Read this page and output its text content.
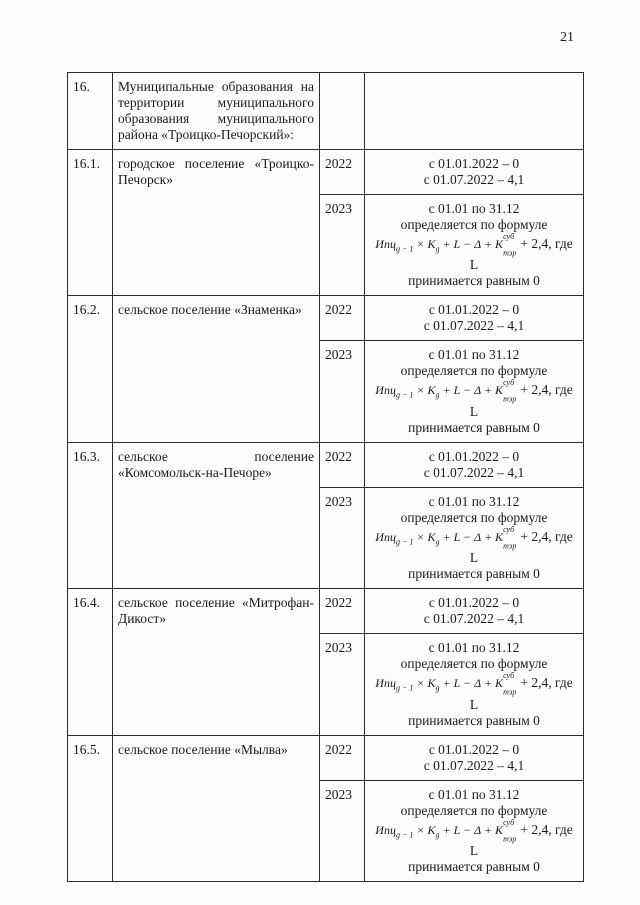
21
16.	Муниципальные образования на территории муниципального образования муниципального района «Троицко-Печорский»:		
16.1.	городское поселение «Троицко-Печорск»	2022	с 01.01.2022 – 0
с 01.07.2022 – 4,1

		2023	с 01.01 по 31.12
определяется по формуле
$Ипц_{g - 1} \times K_g + L - \Delta + K^{суб}$
$_{тэр}$+ 2,4, где L
принимается равным 0

16.2.	сельское поселение «Знаменка»	2022	с 01.01.2022 – 0
с 01.07.2022 – 4,1

		2023	с 01.01 по 31.12
определяется по формуле
$Ипц_{g - 1} \times K_g + L - \Delta + K^{суб}$
$_{тэр}$+ 2,4, где L
принимается равным 0

16.3.	сельское поселение «Комсомольск-на-Печоре»	2022	с 01.01.2022 – 0
с 01.07.2022 – 4,1

		2023	с 01.01 по 31.12
определяется по формуле
$Ипц_{g - 1} \times K_g + L - \Delta + K^{суб}$
$_{тэр}$+ 2,4, где L
принимается равным 0

16.4.	сельское поселение «Митрофан-Дикост»	2022	с 01.01.2022 – 0
с 01.07.2022 – 4,1

		2023	с 01.01 по 31.12
определяется по формуле
$Ипц_{g - 1} \times K_g + L - \Delta + K^{суб}$
$_{тэр}$+ 2,4, где L
принимается равным 0

16.5.	сельское поселение «Мылва»	2022	с 01.01.2022 – 0
с 01.07.2022 – 4,1

		2023	с 01.01 по 31.12
определяется по формуле
$Ипц_{g - 1} \times K_g + L - \Delta + K^{суб}$
$_{тэр}$+ 2,4, где L
принимается равным 0
